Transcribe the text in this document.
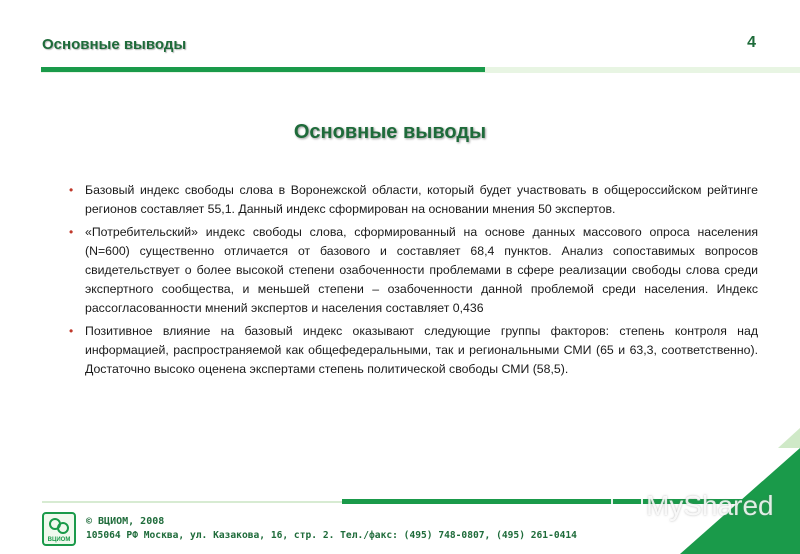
Основные выводы	4
Основные выводы
• Базовый индекс свободы слова в Воронежской области, который будет участвовать в общероссийском рейтинге регионов составляет 55,1. Данный индекс сформирован на основании мнения 50 экспертов.
• «Потребительский» индекс свободы слова, сформированный на основе данных массового опроса населения (N=600) существенно отличается от базового и составляет 68,4 пунктов. Анализ сопоставимых вопросов свидетельствует о более высокой степени озабоченности проблемами в сфере реализации свободы слова среди экспертного сообщества, и меньшей степени – озабоченности данной проблемой среди населения. Индекс рассогласованности мнений экспертов и населения составляет 0,436
• Позитивное влияние на базовый индекс оказывают следующие группы факторов: степень контроля над информацией, распространяемой как общефедеральными, так и региональными СМИ (65 и 63,3, соответственно). Достаточно высоко оценена экспертами степень политической свободы СМИ (58,5).
ВЦИОМ
© ВЦИОМ, 2008
105064 РФ Москва, ул. Казакова, 16, стр. 2. Тел./факс: (495) 748-0807, (495) 261-0414
MyShared
